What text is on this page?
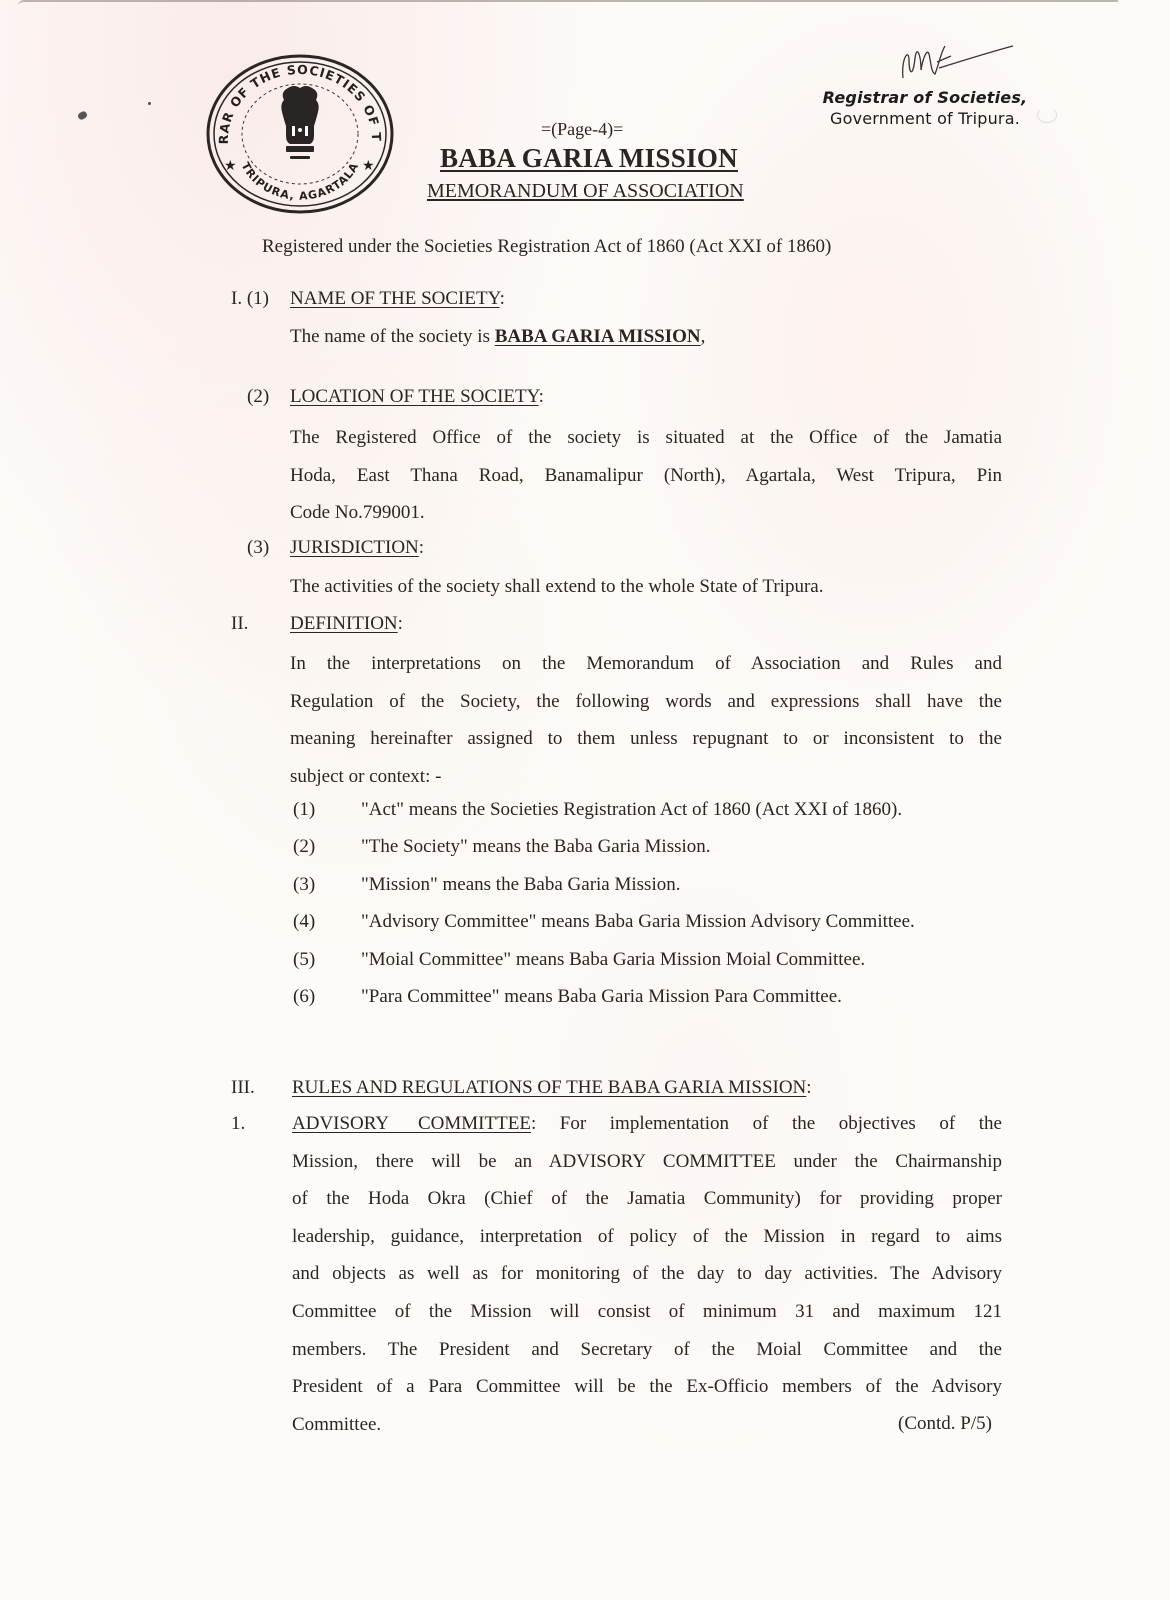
RAR OF THE SOCIETIES OF T
TRIPURA, AGARTALA
★	★
Registrar of Societies,
Government of Tripura.
=(Page-4)=
BABA GARIA MISSION
MEMORANDUM OF ASSOCIATION
Registered under the Societies Registration Act of 1860 (Act XXI of 1860)
I. (1) NAME OF THE SOCIETY:
The name of the society is BABA GARIA MISSION,
(2) LOCATION OF THE SOCIETY:
The Registered Office of the society is situated at the Office of the Jamatia
Hoda, East Thana Road, Banamalipur (North), Agartala, West Tripura, Pin
Code No.799001.
(3) JURISDICTION:
The activities of the society shall extend to the whole State of Tripura.
II. DEFINITION:
In the interpretations on the Memorandum of Association and Rules and
Regulation of the Society, the following words and expressions shall have the
meaning hereinafter assigned to them unless repugnant to or inconsistent to the
subject or context: -
(1) "Act" means the Societies Registration Act of 1860 (Act XXI of 1860).
(2) "The Society" means the Baba Garia Mission.
(3) "Mission" means the Baba Garia Mission.
(4) "Advisory Committee" means Baba Garia Mission Advisory Committee.
(5) "Moial Committee" means Baba Garia Mission Moial Committee.
(6) "Para Committee" means Baba Garia Mission Para Committee.
III. RULES AND REGULATIONS OF THE BABA GARIA MISSION:
1. ADVISORY COMMITTEE: For implementation of the objectives of the
Mission, there will be an ADVISORY COMMITTEE under the Chairmanship
of the Hoda Okra (Chief of the Jamatia Community) for providing proper
leadership, guidance, interpretation of policy of the Mission in regard to aims
and objects as well as for monitoring of the day to day activities. The Advisory
Committee of the Mission will consist of minimum 31 and maximum 121
members. The President and Secretary of the Moial Committee and the
President of a Para Committee will be the Ex-Officio members of the Advisory
Committee.	(Contd. P/5)
